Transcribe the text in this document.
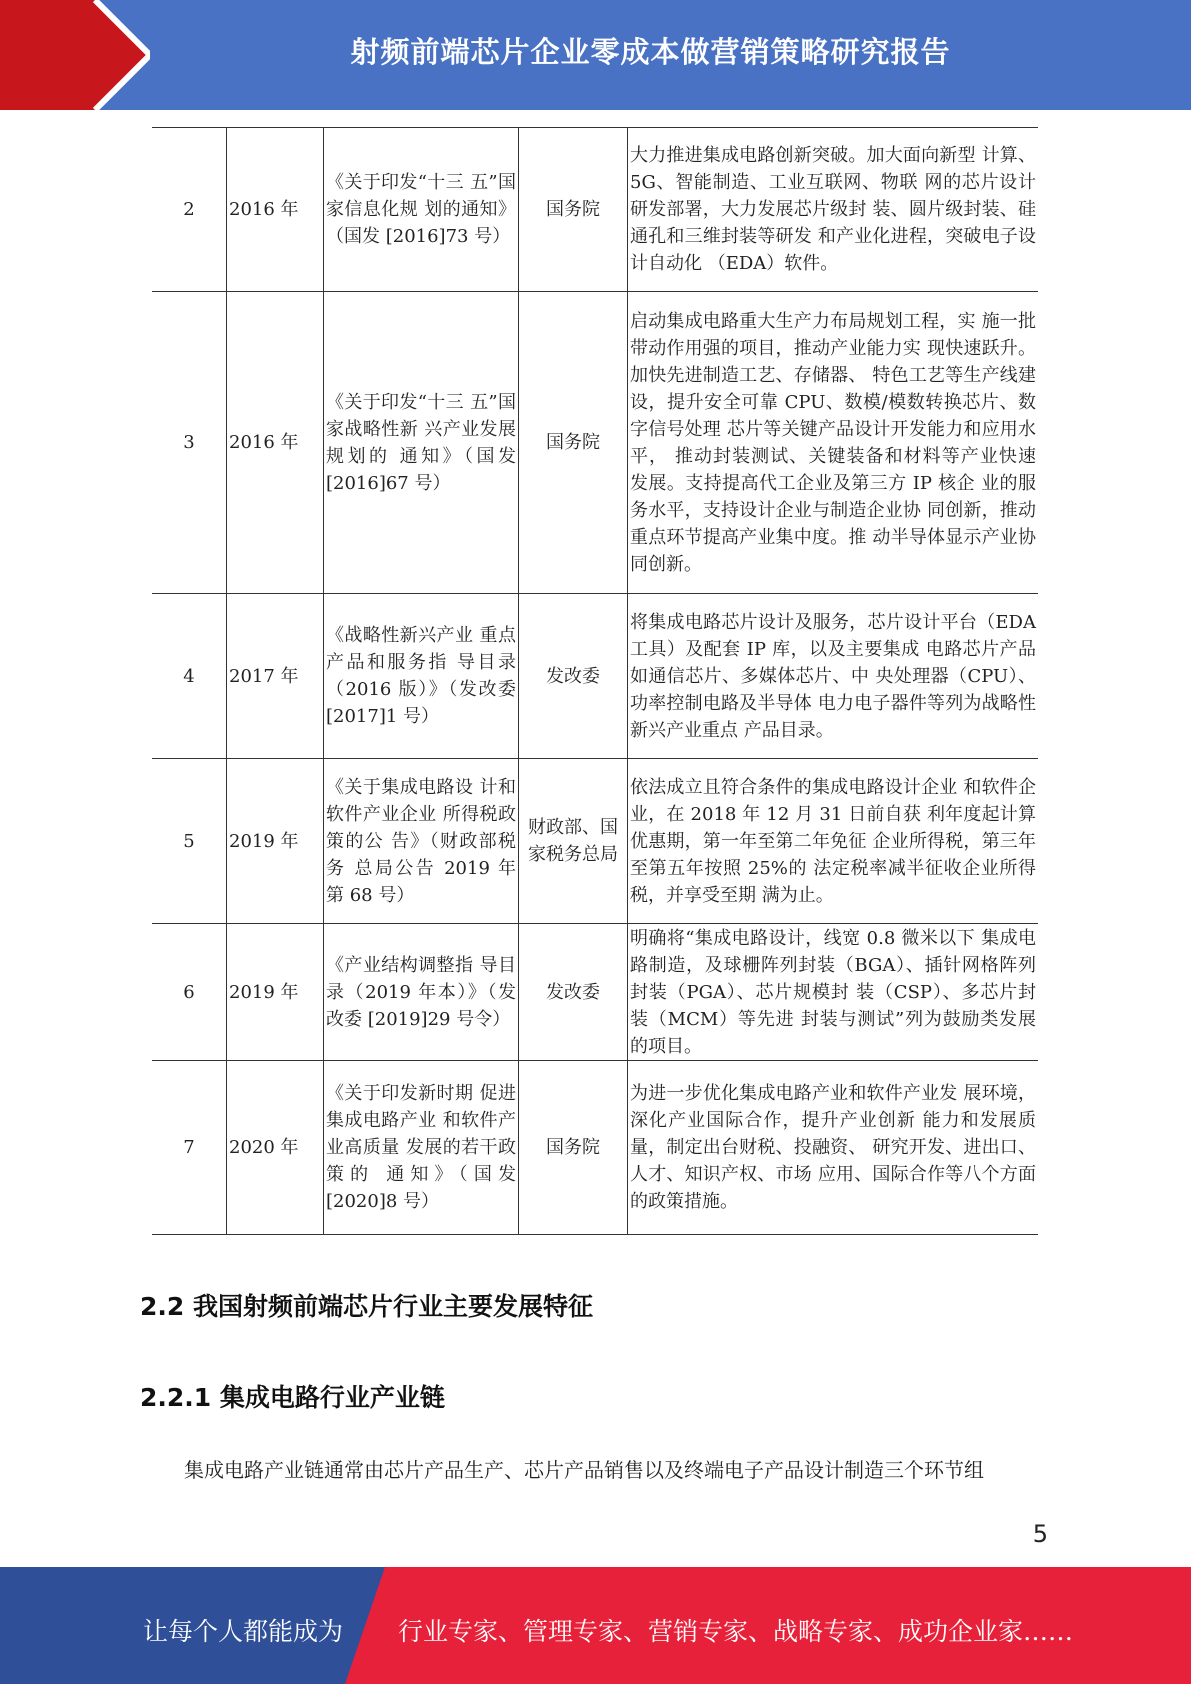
射频前端芯片企业零成本做营销策略研究报告
2	2016 年	《关于印发“十三 五”国家信息化规 划的通知》（国发 [2016]73 号）	国务院	大力推进集成电路创新突破。加大面向新型 计算、5G、智能制造、工业互联网、物联 网的芯片设计研发部署，大力发展芯片级封 装、圆片级封装、硅通孔和三维封装等研发 和产业化进程，突破电子设计自动化 （EDA）软件。
3	2016 年	《关于印发“十三 五”国家战略性新 兴产业发展规划的 通知》（国发 [2016]67 号）	国务院	启动集成电路重大生产力布局规划工程，实 施一批带动作用强的项目，推动产业能力实 现快速跃升。加快先进制造工艺、存储器、 特色工艺等生产线建设，提升安全可靠 CPU、数模/模数转换芯片、数字信号处理 芯片等关键产品设计开发能力和应用水平， 推动封装测试、关键装备和材料等产业快速 发展。支持提高代工企业及第三方 IP 核企 业的服务水平，支持设计企业与制造企业协 同创新，推动重点环节提高产业集中度。推 动半导体显示产业协同创新。
4	2017 年	《战略性新兴产业 重点产品和服务指 导目录（2016 版）》（发改委[2017]1 号）	发改委	将集成电路芯片设计及服务，芯片设计平台（EDA 工具）及配套 IP 库，以及主要集成 电路芯片产品如通信芯片、多媒体芯片、中 央处理器（CPU）、功率控制电路及半导体 电力电子器件等列为战略性新兴产业重点 产品目录。
5	2019 年	《关于集成电路设 计和软件产业企业 所得税政策的公 告》（财政部税务 总局公告 2019 年 第 68 号）	财政部、国家税务总局	依法成立且符合条件的集成电路设计企业 和软件企业，在 2018 年 12 月 31 日前自获 利年度起计算优惠期，第一年至第二年免征 企业所得税，第三年至第五年按照 25%的 法定税率减半征收企业所得税，并享受至期 满为止。
6	2019 年	《产业结构调整指 导目录（2019 年本）》（发改委 [2019]29 号令）	发改委	明确将“集成电路设计，线宽 0.8 微米以下 集成电路制造，及球栅阵列封装（BGA）、插针网格阵列封装（PGA）、芯片规模封 装（CSP）、多芯片封装（MCM）等先进 封装与测试”列为鼓励类发展的项目。
7	2020 年	《关于印发新时期 促进集成电路产业 和软件产业高质量 发展的若干政策的 通知》（国发[2020]8 号）	国务院	为进一步优化集成电路产业和软件产业发 展环境，深化产业国际合作，提升产业创新 能力和发展质量，制定出台财税、投融资、 研究开发、进出口、人才、知识产权、市场 应用、国际合作等八个方面的政策措施。
2.2 我国射频前端芯片行业主要发展特征
2.2.1 集成电路行业产业链
集成电路产业链通常由芯片产品生产、芯片产品销售以及终端电子产品设计制造三个环节组
5
让每个人都能成为 行业专家、管理专家、营销专家、战略专家、成功企业家……
